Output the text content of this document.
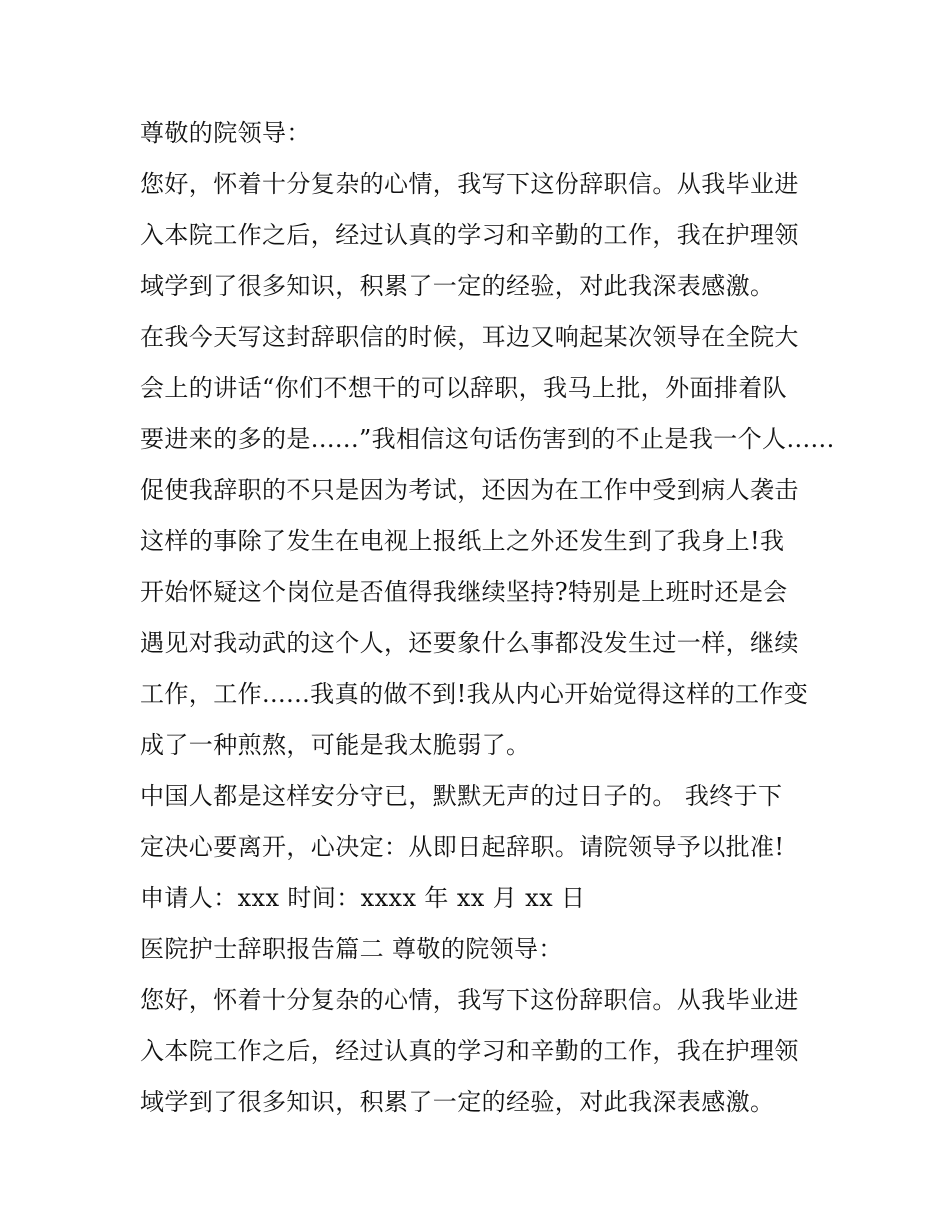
尊敬的院领导：
您好，怀着十分复杂的心情，我写下这份辞职信。从我毕业进
入本院工作之后，经过认真的学习和辛勤的工作，我在护理领
域学到了很多知识，积累了一定的经验，对此我深表感激。
在我今天写这封辞职信的时候，耳边又响起某次领导在全院大
会上的讲话“你们不想干的可以辞职，我马上批，外面排着队
要进来的多的是......”我相信这句话伤害到的不止是我一个人......
促使我辞职的不只是因为考试，还因为在工作中受到病人袭击
这样的事除了发生在电视上报纸上之外还发生到了我身上!我
开始怀疑这个岗位是否值得我继续坚持?特别是上班时还是会
遇见对我动武的这个人，还要象什么事都没发生过一样，继续
工作，工作......我真的做不到!我从内心开始觉得这样的工作变
成了一种煎熬，可能是我太脆弱了。
中国人都是这样安分守已，默默无声的过日子的。 我终于下
定决心要离开，心决定：从即日起辞职。请院领导予以批准!
申请人：xxx 时间：xxxx 年 xx 月 xx 日
医院护士辞职报告篇二 尊敬的院领导：
您好，怀着十分复杂的心情，我写下这份辞职信。从我毕业进
入本院工作之后，经过认真的学习和辛勤的工作，我在护理领
域学到了很多知识，积累了一定的经验，对此我深表感激。
